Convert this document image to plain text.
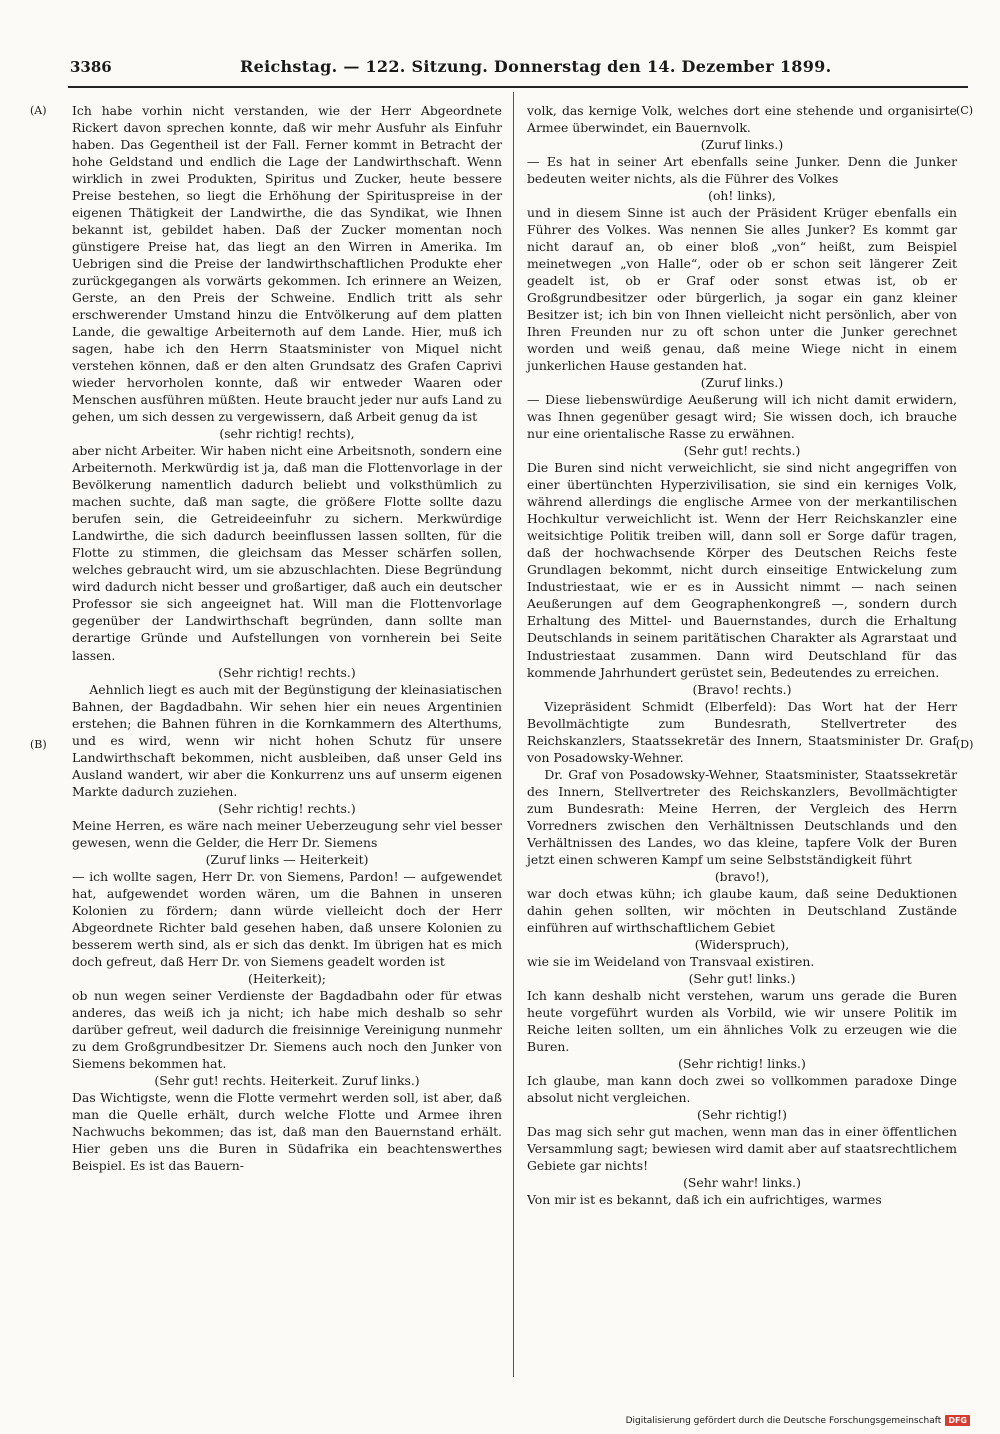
3386	Reichstag. — 122. Sitzung. Donnerstag den 14. Dezember 1899.
(A)
(B)
(C)
(D)

Ich habe vorhin nicht verstanden, wie der Herr Abgeordnete Rickert davon sprechen konnte, daß wir mehr Ausfuhr als Einfuhr haben. Das Gegentheil ist der Fall. Ferner kommt in Betracht der hohe Geldstand und endlich die Lage der Landwirthschaft. Wenn wirklich in zwei Produkten, Spiritus und Zucker, heute bessere Preise bestehen, so liegt die Erhöhung der Spirituspreise in der eigenen Thätigkeit der Landwirthe, die das Syndikat, wie Ihnen bekannt ist, gebildet haben. Daß der Zucker momentan noch günstigere Preise hat, das liegt an den Wirren in Amerika. Im Uebrigen sind die Preise der landwirthschaftlichen Produkte eher zurückgegangen als vorwärts gekommen. Ich erinnere an Weizen, Gerste, an den Preis der Schweine. Endlich tritt als sehr erschwerender Umstand hinzu die Entvölkerung auf dem platten Lande, die gewaltige Arbeiternoth auf dem Lande. Hier, muß ich sagen, habe ich den Herrn Staatsminister von Miquel nicht verstehen können, daß er den alten Grundsatz des Grafen Caprivi wieder hervorholen konnte, daß wir entweder Waaren oder Menschen ausführen müßten. Heute braucht jeder nur aufs Land zu gehen, um sich dessen zu vergewissern, daß Arbeit genug da ist

(sehr richtig! rechts),

aber nicht Arbeiter. Wir haben nicht eine Arbeitsnoth, sondern eine Arbeiternoth. Merkwürdig ist ja, daß man die Flottenvorlage in der Bevölkerung namentlich dadurch beliebt und volksthümlich zu machen suchte, daß man sagte, die größere Flotte sollte dazu berufen sein, die Getreideeinfuhr zu sichern. Merkwürdige Landwirthe, die sich dadurch beeinflussen lassen sollten, für die Flotte zu stimmen, die gleichsam das Messer schärfen sollen, welches gebraucht wird, um sie abzuschlachten. Diese Begründung wird dadurch nicht besser und großartiger, daß auch ein deutscher Professor sie sich angeeignet hat. Will man die Flottenvorlage gegenüber der Landwirthschaft begründen, dann sollte man derartige Gründe und Aufstellungen von vornherein bei Seite lassen.

(Sehr richtig! rechts.)

Aehnlich liegt es auch mit der Begünstigung der kleinasiatischen Bahnen, der Bagdadbahn. Wir sehen hier ein neues Argentinien erstehen; die Bahnen führen in die Kornkammern des Alterthums, und es wird, wenn wir nicht hohen Schutz für unsere Landwirthschaft bekommen, nicht ausbleiben, daß unser Geld ins Ausland wandert, wir aber die Konkurrenz uns auf unserm eigenen Markte dadurch zuziehen.

(Sehr richtig! rechts.)

Meine Herren, es wäre nach meiner Ueberzeugung sehr viel besser gewesen, wenn die Gelder, die Herr Dr. Siemens

(Zuruf links — Heiterkeit)

— ich wollte sagen, Herr Dr. von Siemens, Pardon! — aufgewendet hat, aufgewendet worden wären, um die Bahnen in unseren Kolonien zu fördern; dann würde vielleicht doch der Herr Abgeordnete Richter bald gesehen haben, daß unsere Kolonien zu besserem werth sind, als er sich das denkt. Im übrigen hat es mich doch gefreut, daß Herr Dr. von Siemens geadelt worden ist

(Heiterkeit);

ob nun wegen seiner Verdienste der Bagdadbahn oder für etwas anderes, das weiß ich ja nicht; ich habe mich deshalb so sehr darüber gefreut, weil dadurch die freisinnige Vereinigung nunmehr zu dem Großgrundbesitzer Dr. Siemens auch noch den Junker von Siemens bekommen hat.

(Sehr gut! rechts. Heiterkeit. Zuruf links.)

Das Wichtigste, wenn die Flotte vermehrt werden soll, ist aber, daß man die Quelle erhält, durch welche Flotte und Armee ihren Nachwuchs bekommen; das ist, daß man den Bauernstand erhält. Hier geben uns die Buren in Südafrika ein beachtenswerthes Beispiel. Es ist das Bauern-

volk, das kernige Volk, welches dort eine stehende und organisirte Armee überwindet, ein Bauernvolk.

(Zuruf links.)

— Es hat in seiner Art ebenfalls seine Junker. Denn die Junker bedeuten weiter nichts, als die Führer des Volkes

(oh! links),

und in diesem Sinne ist auch der Präsident Krüger ebenfalls ein Führer des Volkes. Was nennen Sie alles Junker? Es kommt gar nicht darauf an, ob einer bloß „von“ heißt, zum Beispiel meinetwegen „von Halle“, oder ob er schon seit längerer Zeit geadelt ist, ob er Graf oder sonst etwas ist, ob er Großgrundbesitzer oder bürgerlich, ja sogar ein ganz kleiner Besitzer ist; ich bin von Ihnen vielleicht nicht persönlich, aber von Ihren Freunden nur zu oft schon unter die Junker gerechnet worden und weiß genau, daß meine Wiege nicht in einem junkerlichen Hause gestanden hat.

(Zuruf links.)

— Diese liebenswürdige Aeußerung will ich nicht damit erwidern, was Ihnen gegenüber gesagt wird; Sie wissen doch, ich brauche nur eine orientalische Rasse zu erwähnen.

(Sehr gut! rechts.)

Die Buren sind nicht verweichlicht, sie sind nicht angegriffen von einer übertünchten Hyperzivilisation, sie sind ein kerniges Volk, während allerdings die englische Armee von der merkantilischen Hochkultur verweichlicht ist. Wenn der Herr Reichskanzler eine weitsichtige Politik treiben will, dann soll er Sorge dafür tragen, daß der hochwachsende Körper des Deutschen Reichs feste Grundlagen bekommt, nicht durch einseitige Entwickelung zum Industriestaat, wie er es in Aussicht nimmt — nach seinen Aeußerungen auf dem Geographenkongreß —, sondern durch Erhaltung des Mittel- und Bauernstandes, durch die Erhaltung Deutschlands in seinem paritätischen Charakter als Agrarstaat und Industriestaat zusammen. Dann wird Deutschland für das kommende Jahrhundert gerüstet sein, Bedeutendes zu erreichen.

(Bravo! rechts.)

Vizepräsident Schmidt (Elberfeld): Das Wort hat der Herr Bevollmächtigte zum Bundesrath, Stellvertreter des Reichskanzlers, Staatssekretär des Innern, Staatsminister Dr. Graf von Posadowsky-Wehner.

Dr. Graf von Posadowsky-Wehner, Staatsminister, Staatssekretär des Innern, Stellvertreter des Reichskanzlers, Bevollmächtigter zum Bundesrath: Meine Herren, der Vergleich des Herrn Vorredners zwischen den Verhältnissen Deutschlands und den Verhältnissen des Landes, wo das kleine, tapfere Volk der Buren jetzt einen schweren Kampf um seine Selbstständigkeit führt

(bravo!),

war doch etwas kühn; ich glaube kaum, daß seine Deduktionen dahin gehen sollten, wir möchten in Deutschland Zustände einführen auf wirthschaftlichem Gebiet

(Widerspruch),

wie sie im Weideland von Transvaal existiren.

(Sehr gut! links.)

Ich kann deshalb nicht verstehen, warum uns gerade die Buren heute vorgeführt wurden als Vorbild, wie wir unsere Politik im Reiche leiten sollten, um ein ähnliches Volk zu erzeugen wie die Buren.

(Sehr richtig! links.)

Ich glaube, man kann doch zwei so vollkommen paradoxe Dinge absolut nicht vergleichen.

(Sehr richtig!)

Das mag sich sehr gut machen, wenn man das in einer öffentlichen Versammlung sagt; bewiesen wird damit aber auf staatsrechtlichem Gebiete gar nichts!

(Sehr wahr! links.)

Von mir ist es bekannt, daß ich ein aufrichtiges, warmes

Digitalisierung gefördert durch die Deutsche Forschungsgemeinschaft DFG
